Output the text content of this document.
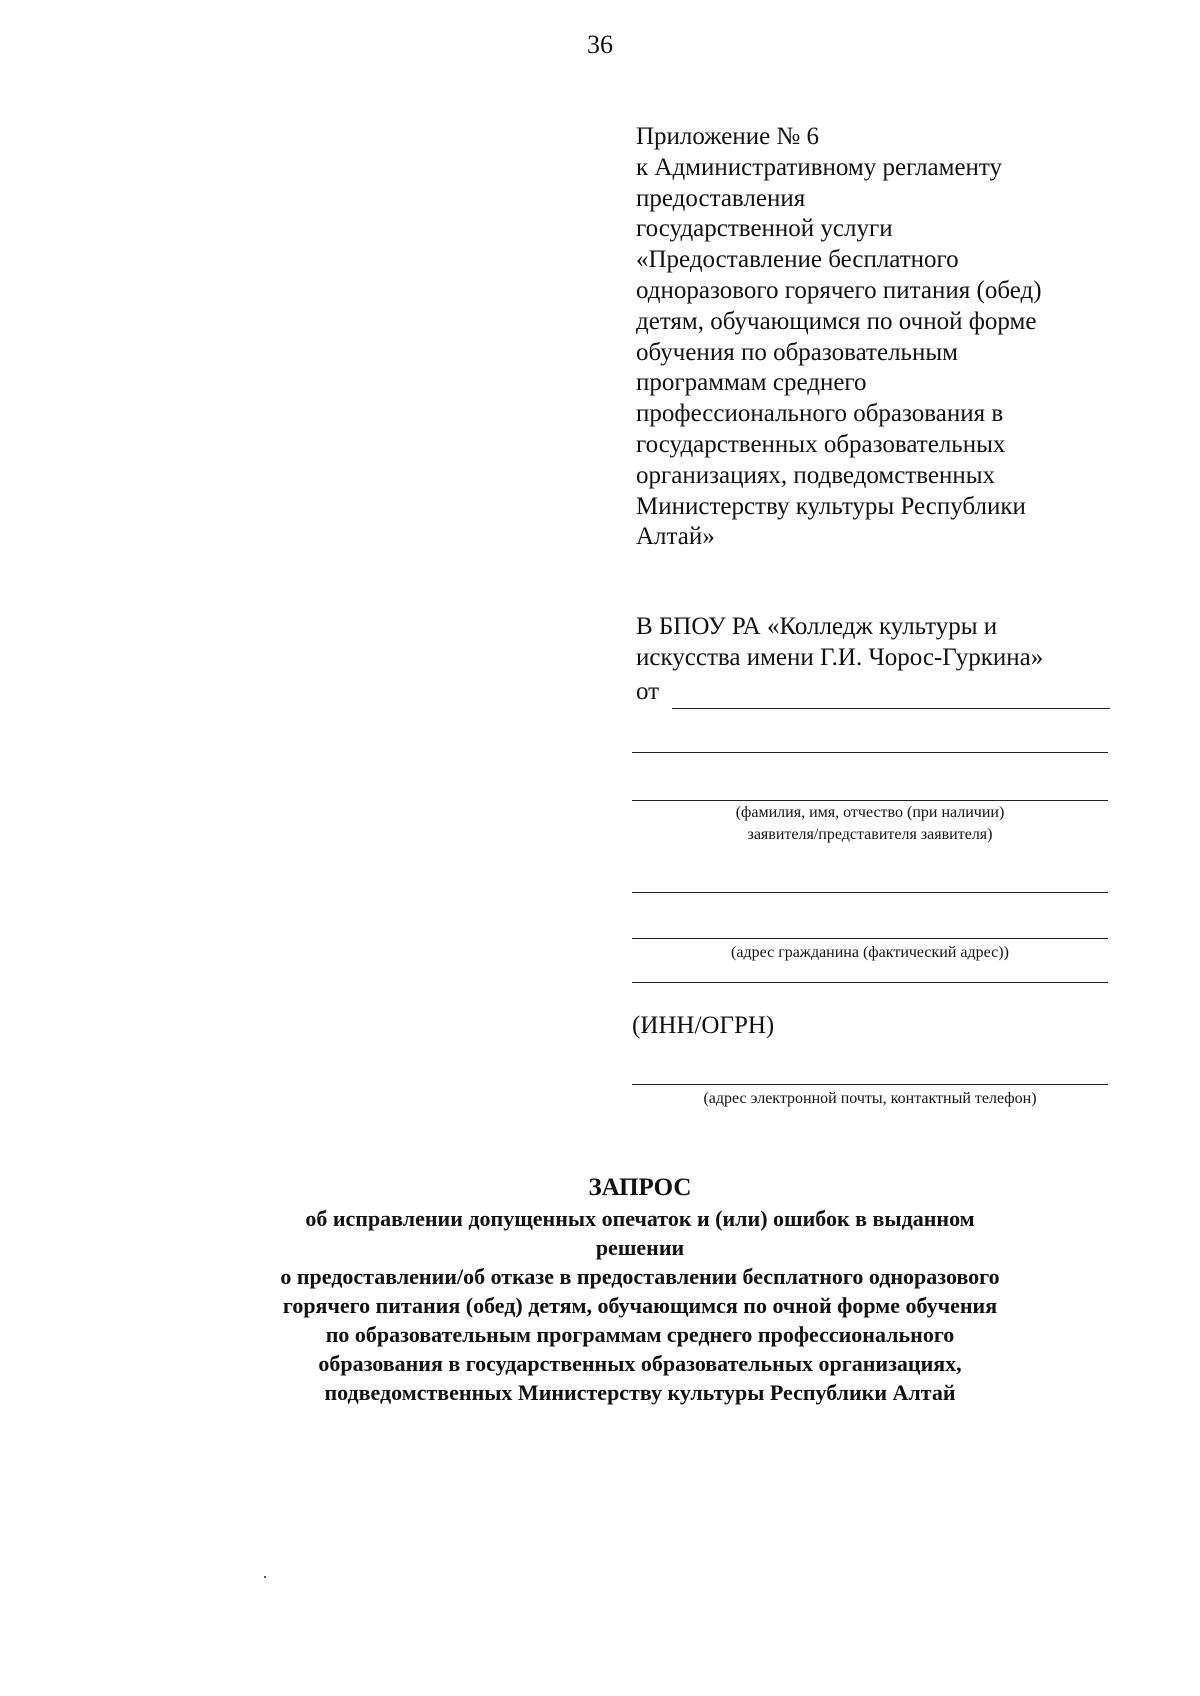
36
Приложение № 6
к Административному регламенту
предоставления
государственной услуги
«Предоставление бесплатного
одноразового горячего питания (обед)
детям, обучающимся по очной форме
обучения по образовательным
программам среднего
профессионального образования в
государственных образовательных
организациях, подведомственных
Министерству культуры Республики
Алтай»
В БПОУ РА «Колледж культуры и
искусства имени Г.И. Чорос-Гуркина»
от
(фамилия, имя, отчество (при наличии)
заявителя/представителя заявителя)
(адрес гражданина (фактический адрес))
(ИНН/ОГРН)
(адрес электронной почты, контактный телефон)
ЗАПРОС
об исправлении допущенных опечаток и (или) ошибок в выданном
решении
о предоставлении/об отказе в предоставлении бесплатного одноразового
горячего питания (обед) детям, обучающимся по очной форме обучения
по образовательным программам среднего профессионального
образования в государственных образовательных организациях,
подведомственных Министерству культуры Республики Алтай
